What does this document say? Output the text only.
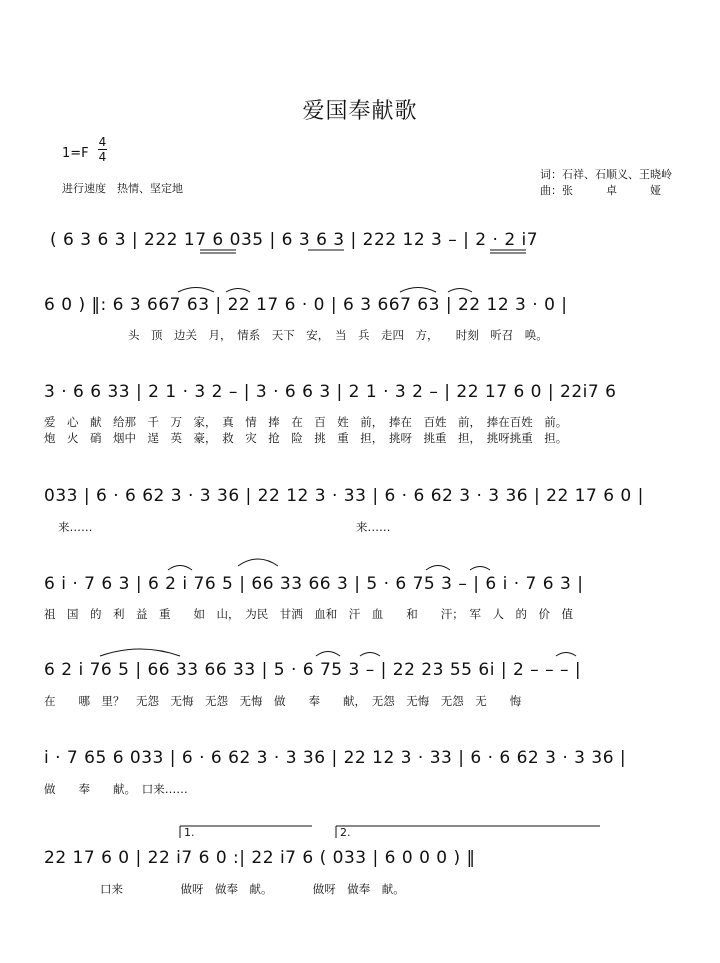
爱国奉献歌
1=F
4
4
进行速度　热情、坚定地
词：石祥、石顺义、王晓岭
曲：张　　　卓　　　娅
( 6 3 6 3 | 222 17 6 035 | 6 3 6 3 | 222 12 3 – | 2 · 2 i7
6 0 ) ‖: 6 3 667 63 | 22 17 6 · 0 | 6 3 667 63 | 22 12 3 · 0 |
头　顶　边关　月，　情系　天下　安，　当　兵　走四　方，　　时刻　听召　唤。
3 · 6 6 33 | 2 1 · 3 2 – | 3 · 6 6 3 | 2 1 · 3 2 – | 22 17 6 0 | 22i7 6
爱　心　献　给那　千　万　家，　真　情　捧　在　百　姓　前，　捧在　百姓　前，　捧在百姓　前。
炮　火　硝　烟中　逞　英　豪，　救　灾　抢　险　挑　重　担，　挑呀　挑重　担，　挑呀挑重　担。
033 | 6 · 6 62 3 · 3 36 | 22 12 3 · 33 | 6 · 6 62 3 · 3 36 | 22 17 6 0 |
来……	来……
6 i · 7 6 3 | 6 2 i 76 5 | 66 33 66 3 | 5 · 6 75 3 – | 6 i · 7 6 3 |
祖　国　的　利　益　重　　如　山，　为民　甘洒　血和　汗　血　　和　　汗；　军　人　的　价　值
6 2 i 76 5 | 66 33 66 33 | 5 · 6 75 3 – | 22 23 55 6i | 2 – – – |
在　　哪　里？　无怨　无悔　无怨　无悔　做　　奉　　献，　无怨　无悔　无怨　无　　悔
i · 7 65 6 033 | 6 · 6 62 3 · 3 36 | 22 12 3 · 33 | 6 · 6 62 3 · 3 36 |
做　　奉　　献。　口来……
1.	2.
22 17 6 0 | 22 i7 6 0 :| 22 i7 6 ( 033 | 6 0 0 0 ) ‖
口来　　　　　做呀　做奉　献。　　　　做呀　做奉　献。
